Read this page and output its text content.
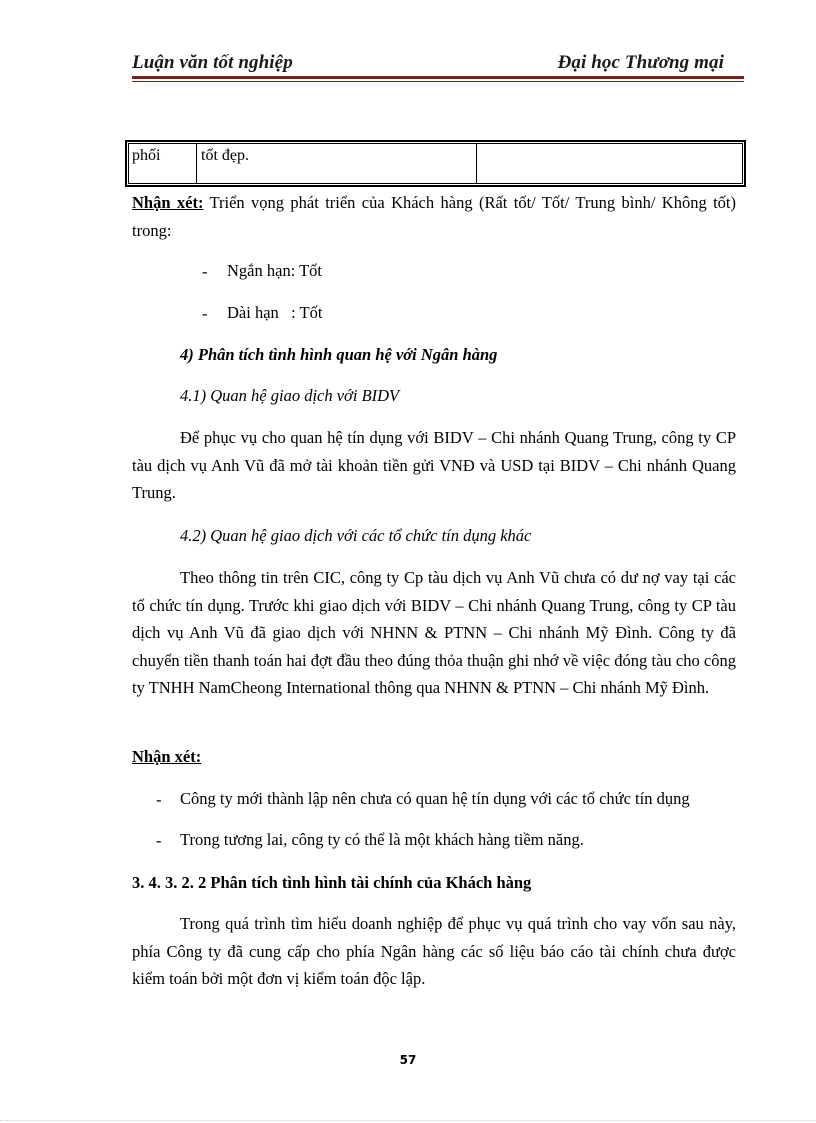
Luận văn tốt nghiệp	Đại học Thương mại
phối	tốt đẹp.
Nhận xét: Triển vọng phát triển của Khách hàng (Rất tốt/ Tốt/ Trung bình/ Không tốt) trong:
- Ngắn hạn: Tốt
- Dài hạn   : Tốt
4) Phân tích tình hình quan hệ với Ngân hàng
4.1) Quan hệ giao dịch với BIDV
Để phục vụ cho quan hệ tín dụng với BIDV – Chi nhánh Quang Trung, công ty CP tàu dịch vụ Anh Vũ đã mở tài khoản tiền gửi VNĐ và USD tại BIDV – Chi nhánh Quang Trung.
4.2) Quan hệ giao dịch với các tổ chức tín dụng khác
Theo thông tin trên CIC, công ty Cp tàu dịch vụ Anh Vũ chưa có dư nợ vay tại các tổ chức tín dụng. Trước khi giao dịch với BIDV – Chi nhánh Quang Trung, công ty CP tàu dịch vụ Anh Vũ đã giao dịch với NHNN & PTNN – Chi nhánh Mỹ Đình. Công ty đã chuyển tiền thanh toán hai đợt đầu theo đúng thỏa thuận ghi nhớ về việc đóng tàu cho công ty TNHH NamCheong International thông qua NHNN & PTNN – Chi nhánh Mỹ Đình.
Nhận xét:
- Công ty mới thành lập nên chưa có quan hệ tín dụng với các tổ chức tín dụng
- Trong tương lai, công ty có thể là một khách hàng tiềm năng.
3. 4. 3. 2. 2 Phân tích tình hình tài chính của Khách hàng
Trong quá trình tìm hiểu doanh nghiệp để phục vụ quá trình cho vay vốn sau này, phía Công ty đã cung cấp cho phía Ngân hàng các số liệu báo cáo tài chính chưa được kiểm toán bởi một đơn vị kiểm toán độc lập.
57
